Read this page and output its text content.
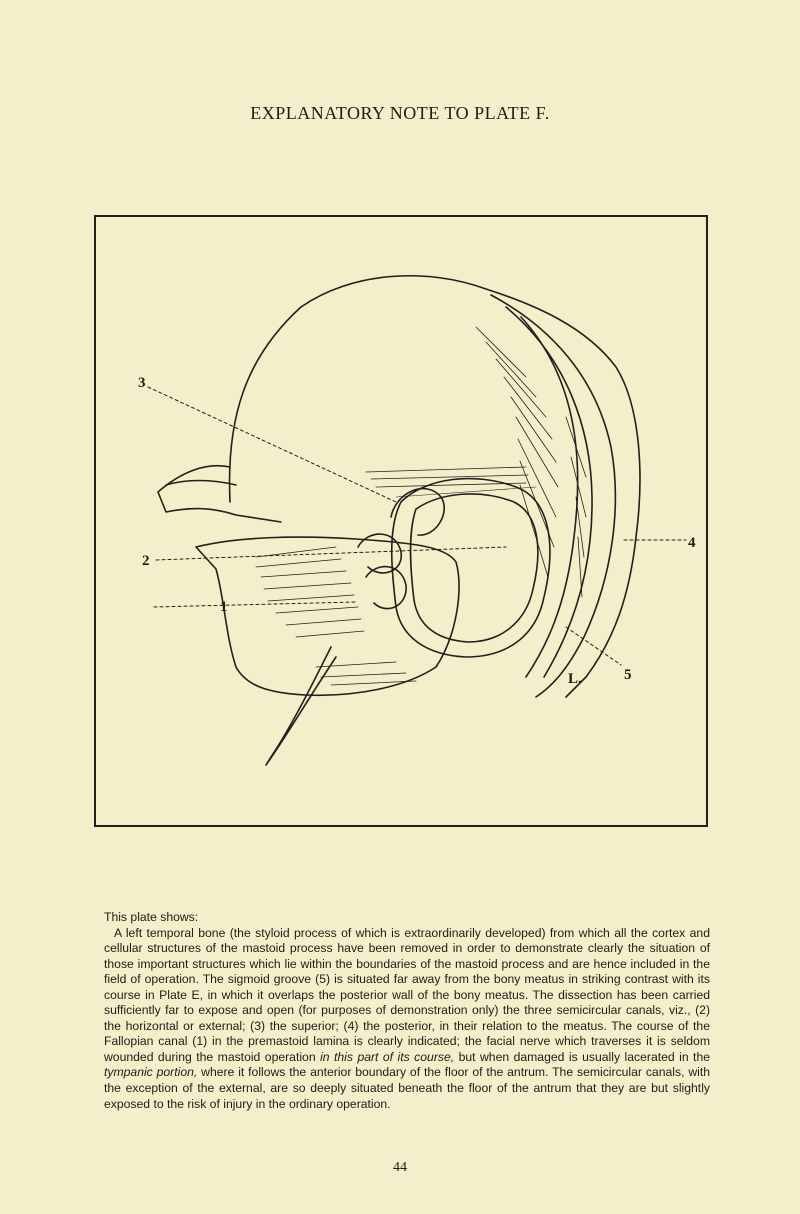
EXPLANATORY NOTE TO PLATE F.
3
2
1
4
5
L.

This plate shows:

A left temporal bone (the styloid process of which is extraordinarily developed) from which all the cortex and cellular structures of the mastoid process have been removed in order to demonstrate clearly the situation of those important structures which lie within the boundaries of the mastoid process and are hence included in the field of operation. The sigmoid groove (5) is situated far away from the bony meatus in striking contrast with its course in Plate E, in which it overlaps the posterior wall of the bony meatus. The dissection has been carried sufficiently far to expose and open (for purposes of demonstration only) the three semicircular canals, viz., (2) the horizontal or external; (3) the superior; (4) the posterior, in their relation to the meatus. The course of the Fallopian canal (1) in the premastoid lamina is clearly indicated; the facial nerve which traverses it is seldom wounded during the mastoid operation in this part of its course, but when damaged is usually lacerated in the tympanic portion, where it follows the anterior boundary of the floor of the antrum. The semicircular canals, with the exception of the external, are so deeply situated beneath the floor of the antrum that they are but slightly exposed to the risk of injury in the ordinary operation.

44
